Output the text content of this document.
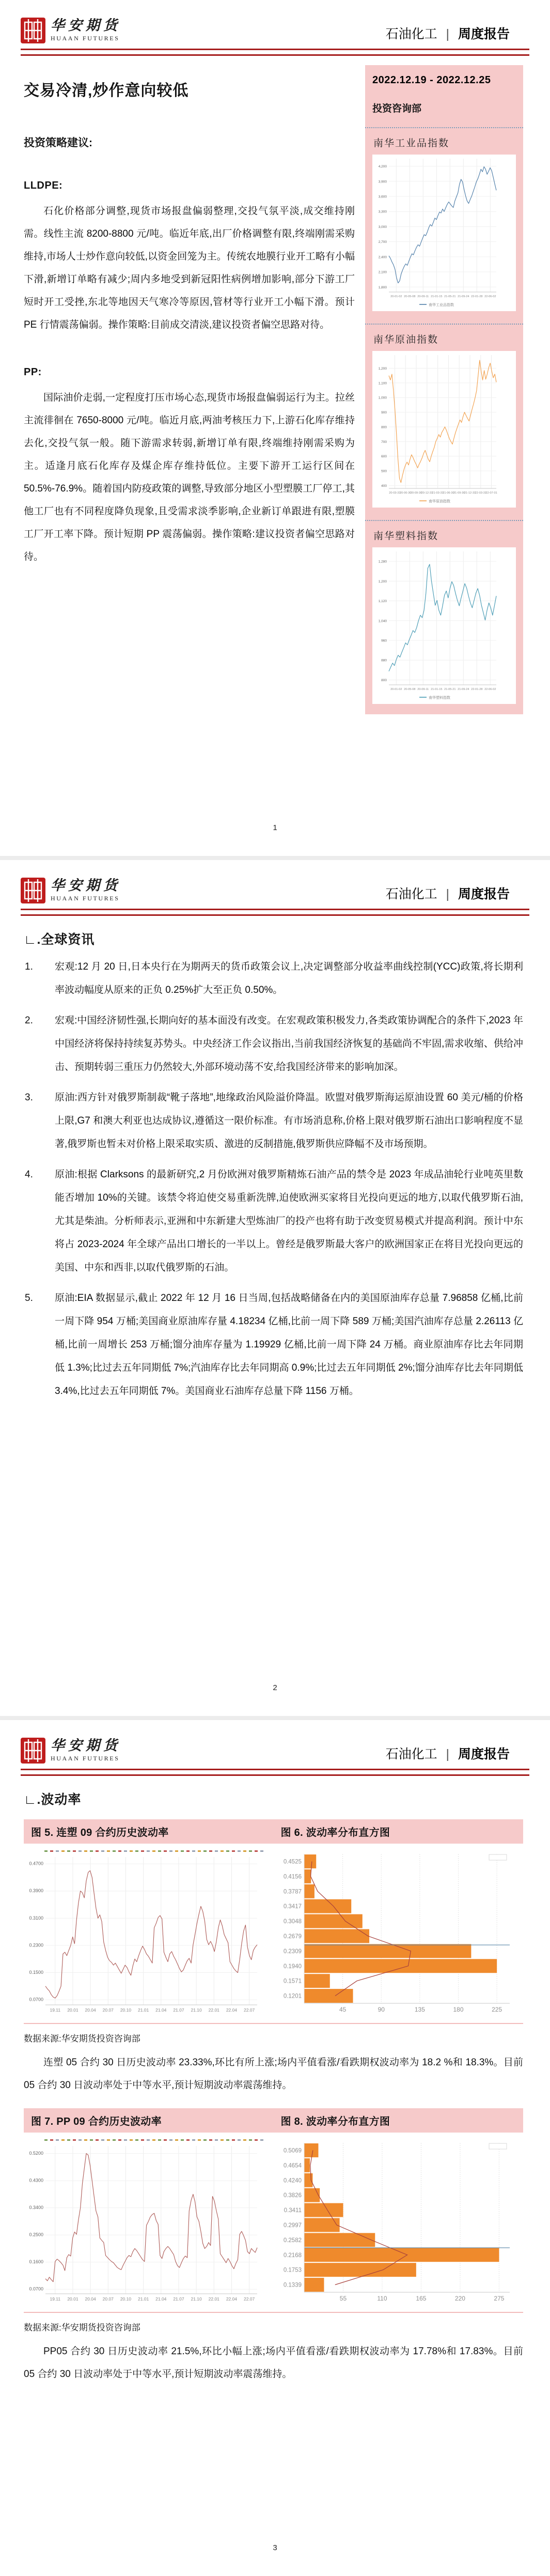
华安期货
HUAAN FUTURES	石油化工 | 周度报告
交易冷清,炒作意向较低
投资策略建议:
LLDPE:
石化价格部分调整,现货市场报盘偏弱整理,交投气氛平淡,成交维持刚需。线性主流 8200-8800 元/吨。临近年底,出厂价格调整有限,终端刚需采购维持,市场人士炒作意向较低,以资金回笼为主。传统农地膜行业开工略有小幅下滑,新增订单略有减少;周内多地受到新冠阳性病例增加影响,部分下游工厂短时开工受挫,东北等地因天气寒冷等原因,管材等行业开工小幅下滑。预计 PE 行情震荡偏弱。操作策略:目前成交清淡,建议投资者偏空思路对待。
PP:
国际油价走弱,一定程度打压市场心态,现货市场报盘偏弱运行为主。拉丝主流徘徊在 7650-8000 元/吨。临近月底,两油考核压力下,上游石化库存维持去化,交投气氛一般。随下游需求转弱,新增订单有限,终端维持刚需采购为主。适逢月底石化库存及煤企库存维持低位。主要下游开工运行区间在 50.5%-76.9%。随着国内防疫政策的调整,导致部分地区小型塑膜工厂停工,其他工厂也有不同程度降负现象,且受需求淡季影响,企业新订单跟进有限,塑膜工厂开工率下降。预计短期 PP 震荡偏弱。操作策略:建议投资者偏空思路对待。
2022.12.19 - 2022.12.25
投资咨询部
南华工业品指数
20-01-02 20-05-08 20-09-11 21-01-15 21-05-21 21-09-24 22-01-28 22-06-02
1,800
2,100
2,400
2,700
3,000
3,300
3,600
3,900
4,200
南华工业品指数
南华原油指数
20-03-31
20-06-30
20-09-30
20-12-31
21-03-31
21-06-30
21-09-30
21-12-31
22-03-31
22-07-01
400
500
600
700
800
900
1,000
1,100
1,200
南华原油指数
南华塑料指数
20-01-02 20-05-08 20-09-11 21-01-15 21-05-21 21-09-24 22-01-28 22-06-02
800
880
960
1,040
1,120
1,200
1,280
南华塑料指数
1
华安期货
HUAAN FUTURES	石油化工 | 周度报告
∟.全球资讯
1.	宏观:12 月 20 日,日本央行在为期两天的货币政策会议上,决定调整部分收益率曲线控制(YCC)政策,将长期利率波动幅度从原来的正负 0.25%扩大至正负 0.50%。
2.	宏观:中国经济韧性强,长期向好的基本面没有改变。在宏观政策积极发力,各类政策协调配合的条件下,2023 年中国经济将保持持续复苏势头。中央经济工作会议指出,当前我国经济恢复的基础尚不牢固,需求收缩、供给冲击、预期转弱三重压力仍然较大,外部环境动荡不安,给我国经济带来的影响加深。
3.	原油:西方针对俄罗斯制裁“靴子落地”,地缘政治风险溢价降温。欧盟对俄罗斯海运原油设置 60 美元/桶的价格上限,G7 和澳大利亚也达成协议,遵循这一限价标准。有市场消息称,价格上限对俄罗斯石油出口影响程度不显著,俄罗斯也暂未对价格上限采取实质、激进的反制措施,俄罗斯供应降幅不及市场预期。
4.	原油:根据 Clarksons 的最新研究,2 月份欧洲对俄罗斯精炼石油产品的禁令是 2023 年成品油轮行业吨英里数能否增加 10%的关键。该禁令将迫使交易重新洗牌,迫使欧洲买家将目光投向更远的地方,以取代俄罗斯石油,尤其是柴油。分析师表示,亚洲和中东新建大型炼油厂的投产也将有助于改变贸易模式并提高利润。预计中东将占 2023-2024 年全球产品出口增长的一半以上。曾经是俄罗斯最大客户的欧洲国家正在将目光投向更远的美国、中东和西非,以取代俄罗斯的石油。
5.	原油:EIA 数据显示,截止 2022 年 12 月 16 日当周,包括战略储备在内的美国原油库存总量 7.96858 亿桶,比前一周下降 954 万桶;美国商业原油库存量 4.18234 亿桶,比前一周下降 589 万桶;美国汽油库存总量 2.26113 亿桶,比前一周增长 253 万桶;馏分油库存量为 1.19929 亿桶,比前一周下降 24 万桶。商业原油库存比去年同期低 1.3%;比过去五年同期低 7%;汽油库存比去年同期高 0.9%;比过去五年同期低 2%;馏分油库存比去年同期低 3.4%,比过去五年同期低 7%。美国商业石油库存总量下降 1156 万桶。
2
华安期货
HUAAN FUTURES	石油化工 | 周度报告
∟.波动率
图 5. 连塑 09 合约历史波动率	图 6. 波动率分布直方图
19.11 20.01 20.04 20.07 20.10 21.01 21.04 21.07 21.10 22.01 22.04 22.07
0.0700
0.1500
0.2300
0.3100
0.3900
0.4700
45	90	135	180	225
0.4525
0.4156
0.3787
0.3417
0.3048
0.2679
0.2309
0.1940
0.1571
0.1201
数据来源:华安期货投资咨询部
连塑 05 合约 30 日历史波动率 23.33%,环比有所上涨;场内平值看涨/看跌期权波动率为 18.2 %和 18.3%。目前 05 合约 30 日波动率处于中等水平,预计短期波动率震荡维持。
图 7. PP 09 合约历史波动率	图 8. 波动率分布直方图
19.11 20.01 20.04 20.07 20.10 21.01 21.04 21.07 21.10 22.01 22.04 22.07
0.0700
0.1600
0.2500
0.3400
0.4300
0.5200
55	110	165	220	275
0.5069
0.4654
0.4240
0.3826
0.3411
0.2997
0.2582
0.2168
0.1753
0.1339
数据来源:华安期货投资咨询部
PP05 合约 30 日历史波动率 21.5%,环比小幅上涨;场内平值看涨/看跌期权波动率为 17.78%和 17.83%。目前 05 合约 30 日波动率处于中等水平,预计短期波动率震荡维持。
3
